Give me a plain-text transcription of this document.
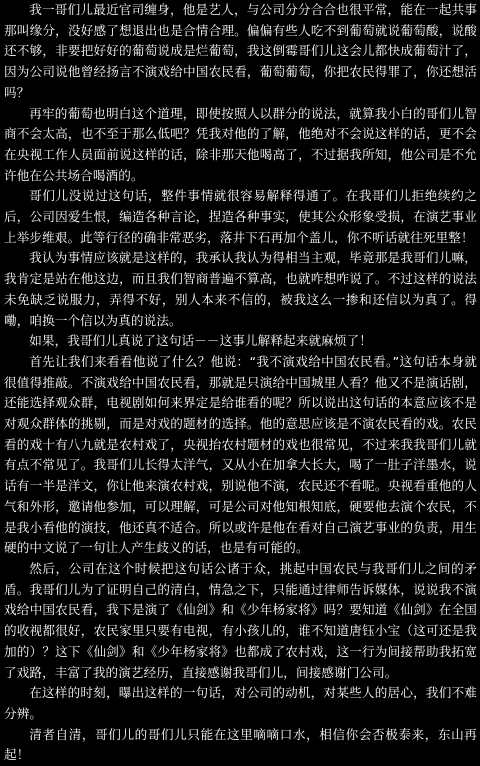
我一哥们儿最近官司缠身，他是艺人，与公司分分合合也很平常，能在一起共事那叫缘分，没好感了想退出也是合情合理。偏偏有些人吃不到葡萄就说葡萄酸，说酸还不够，非要把好好的葡萄说成是烂葡萄，我这倒霉哥们儿这会儿都快成葡萄汁了，因为公司说他曾经扬言不演戏给中国农民看，葡萄葡萄，你把农民得罪了，你还想活吗？

再牢的葡萄也明白这个道理，即使按照人以群分的说法，就算我小白的哥们儿智商不会太高，也不至于那么低吧？凭我对他的了解，他绝对不会说这样的话，更不会在央视工作人员面前说这样的话，除非那天他喝高了，不过据我所知，他公司是不允许他在公共场合喝酒的。

哥们儿没说过这句话，整件事情就很容易解释得通了。在我哥们儿拒绝续约之后，公司因爱生恨，编造各种言论，捏造各种事实，使其公众形象受损，在演艺事业上举步维艰。此等行径的确非常恶劣，落井下石再加个盖儿，你不听话就往死里整！

我认为事情应该就是这样的，我承认我认为得相当主观，毕竟那是我哥们儿嘛，我肯定是站在他这边，而且我们智商普遍不算高，也就咋想咋说了。不过这样的说法未免缺乏说服力，弄得不好，别人本来不信的，被我这么一掺和还信以为真了。得嘞，咱换一个信以为真的说法。

如果，我哥们儿真说了这句话－－这事儿解释起来就麻烦了！

首先让我们来看看他说了什么？他说：“我不演戏给中国农民看。”这句话本身就很值得推敲。不演戏给中国农民看，那就是只演给中国城里人看？他又不是演话剧，还能选择观众群，电视剧如何来界定是给谁看的呢？所以说出这句话的本意应该不是对观众群体的挑剔，而是对戏的题材的选择。他的意思应该是不演农民看的戏。农民看的戏十有八九就是农村戏了，央视抬农村题材的戏也很常见，不过来我我哥们儿就有点不常见了。我哥们儿长得太洋气，又从小在加拿大长大，喝了一肚子洋墨水，说话有一半是洋文，你让他来演农村戏，别说他不演，农民还不看呢。央视看重他的人气和外形，邀请他参加，可以理解，可是公司对他知根知底，硬要他去演个农民，不是我小看他的演技，他还真不适合。所以或许是他在看对自己演艺事业的负责，用生硬的中文说了一句让人产生歧义的话，也是有可能的。

然后，公司在这个时候把这句话公诸于众，挑起中国农民与我哥们儿之间的矛盾。我哥们儿为了证明自己的清白，情急之下，只能通过律师告诉媒体，说说我不演戏给中国农民看，我下是演了《仙剑》和《少年杨家将》吗？要知道《仙剑》在全国的收视都很好，农民家里只要有电视，有小孩儿的，谁不知道唐钰小宝（这可还是我加的）？这下《仙剑》和《少年杨家将》也都成了农村戏，这一行为间接帮助我拓宽了戏路，丰富了我的演艺经历，直接感谢我哥们儿，间接感谢门公司。

在这样的时刻，曝出这样的一句话，对公司的动机，对某些人的居心，我们不难分辨。

清者自清，哥们儿的哥们儿只能在这里嘀嘀口水，相信你会否极泰来，东山再起！
